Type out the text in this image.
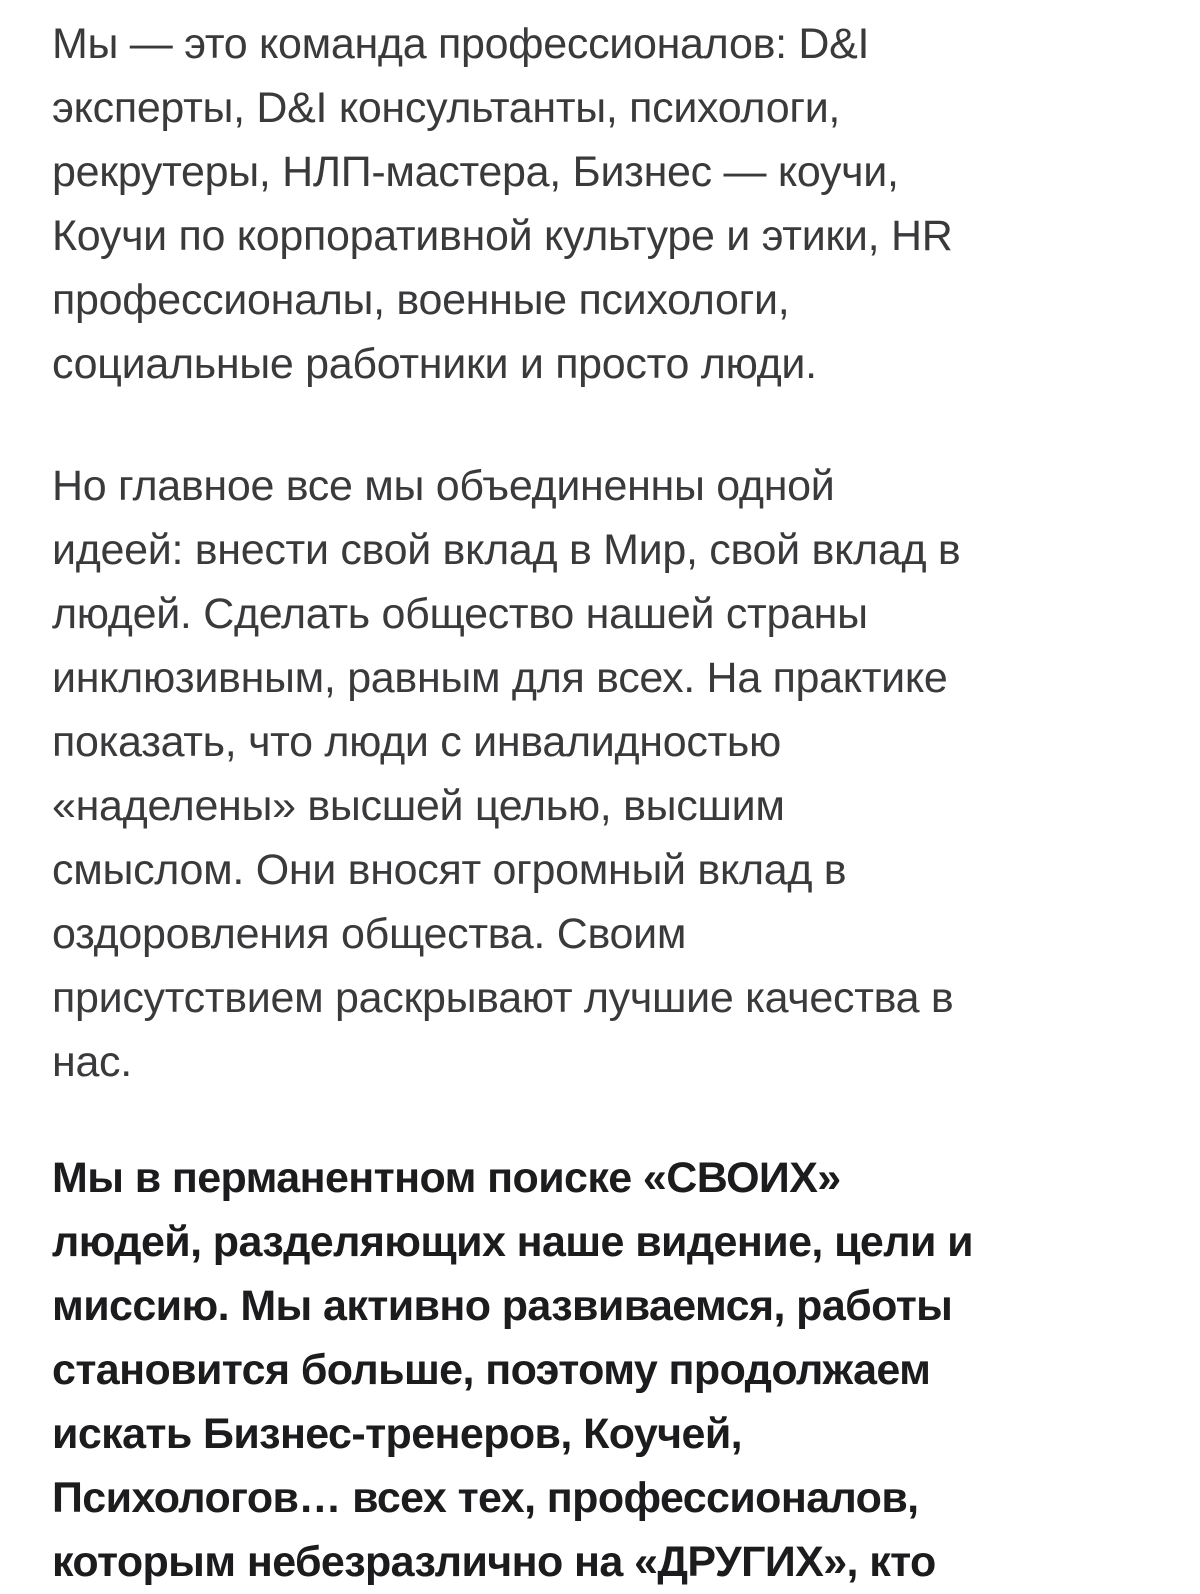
Мы — это команда профессионалов: D&I
эксперты, D&I консультанты, психологи,
рекрутеры, НЛП-мастера, Бизнес — коучи,
Коучи по корпоративной культуре и этики, HR
профессионалы, военные психологи,
социальные работники и просто люди.

Но главное все мы объединенны одной
идеей: внести свой вклад в Мир, свой вклад в
людей. Сделать общество нашей страны
инклюзивным, равным для всех. На практике
показать, что люди с инвалидностью
«наделены» высшей целью, высшим
смыслом. Они вносят огромный вклад в
оздоровления общества. Своим
присутствием раскрывают лучшие качества в
нас.

Мы в перманентном поиске «СВОИХ»
людей, разделяющих наше видение, цели и
миссию. Мы активно развиваемся, работы
становится больше, поэтому продолжаем
искать Бизнес-тренеров, Коучей,
Психологов… всех тех, профессионалов,
которым небезразлично на «ДРУГИХ», кто
